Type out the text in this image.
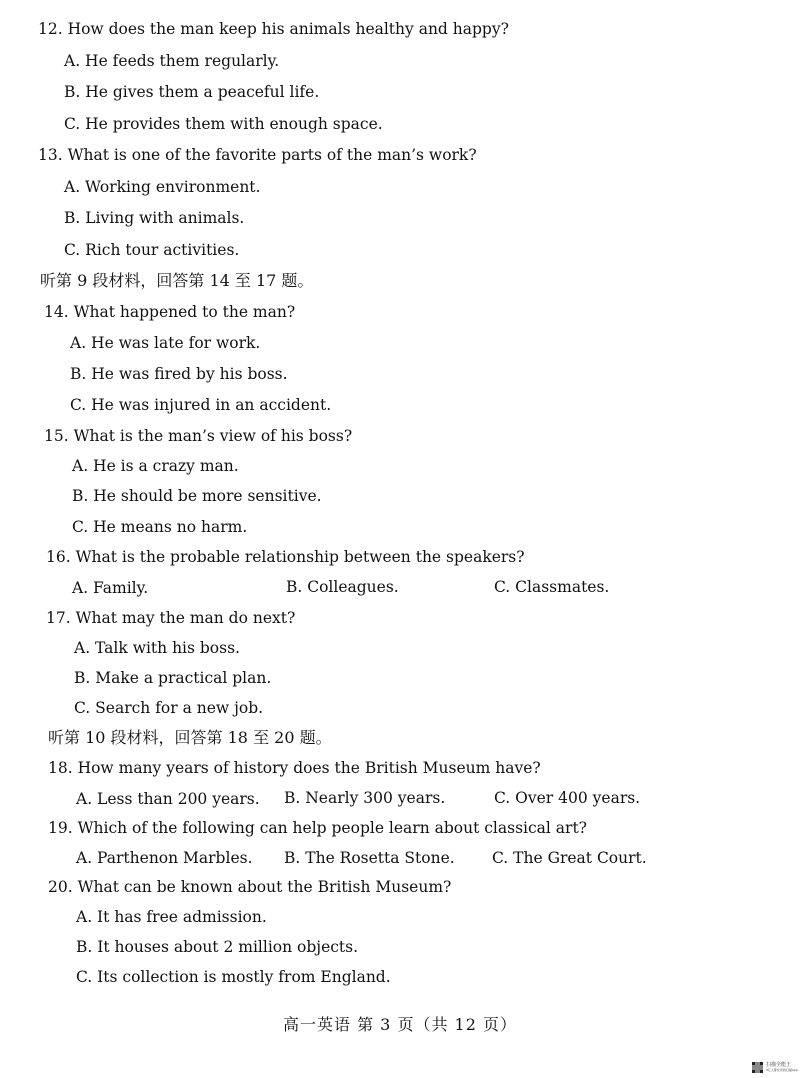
12. How does the man keep his animals healthy and happy?
A. He feeds them regularly.
B. He gives them a peaceful life.
C. He provides them with enough space.
13. What is one of the favorite parts of the man’s work?
A. Working environment.
B. Living with animals.
C. Rich tour activities.
听第 9 段材料，回答第 14 至 17 题。
14. What happened to the man?
A. He was late for work.
B. He was fired by his boss.
C. He was injured in an accident.
15. What is the man’s view of his boss?
A. He is a crazy man.
B. He should be more sensitive.
C. He means no harm.
16. What is the probable relationship between the speakers?
A. Family.	B. Colleagues.	C. Classmates.
17. What may the man do next?
A. Talk with his boss.
B. Make a practical plan.
C. Search for a new job.
听第 10 段材料，回答第 18 至 20 题。
18. How many years of history does the British Museum have?
A. Less than 200 years. B. Nearly 300 years.	C. Over 400 years.
19. Which of the following can help people learn about classical art?
A. Parthenon Marbles. B. The Rosetta Stone. C. The Great Court.
20. What can be known about the British Museum?
A. It has free admission.
B. It houses about 2 million objects.
C. Its collection is mostly from England.
高一英语 第 3 页（共 12 页）
扫描全能王
3亿人都在用的扫描App
